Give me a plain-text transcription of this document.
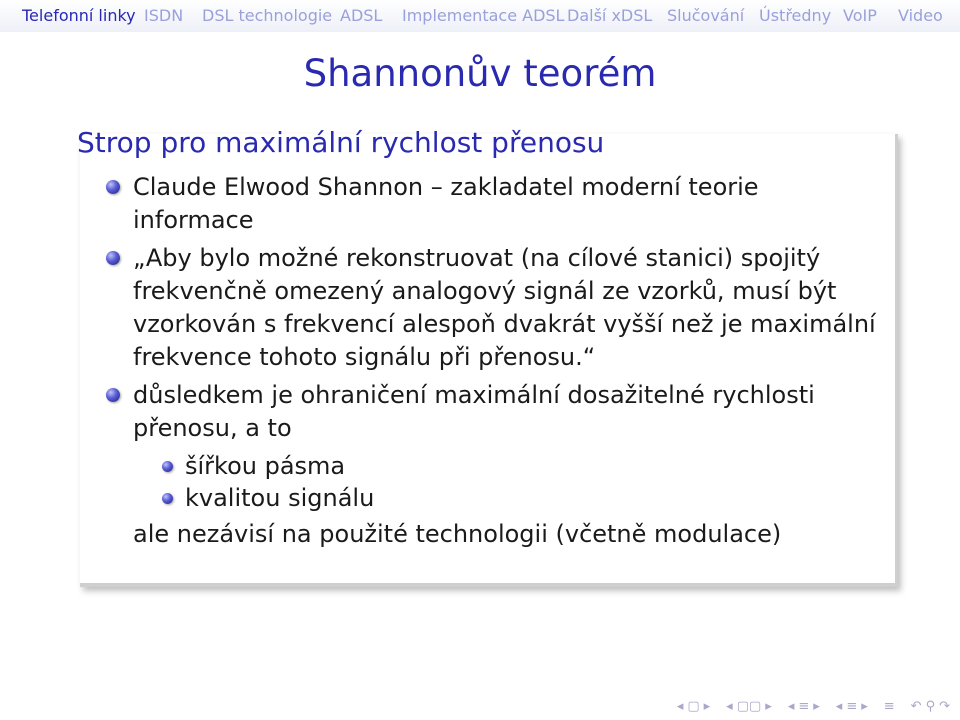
Telefonní linky ISDN DSL technologie ADSL Implementace ADSL Další xDSL Slučování Ústředny VoIP Video
Shannonův teorém
Strop pro maximální rychlost přenosu

Claude Elwood Shannon – zakladatel moderní teorie informace

„Aby bylo možné rekonstruovat (na cílové stanici) spojitý frekvenčně omezený analogový signál ze vzorků, musí být vzorkován s frekvencí alespoň dvakrát vyšší než je maximální frekvence tohoto signálu při přenosu.“

důsledkem je ohraničení maximální dosažitelné rychlosti přenosu, a to

šířkou pásma
kvalitou signálu
ale nezávisí na použité technologii (včetně modulace)
◂ ▢ ▸ ◂ ▢▢ ▸ ◂ ≡ ▸ ◂ ≡ ▸ ≡ ↶ ⚲ ↷
